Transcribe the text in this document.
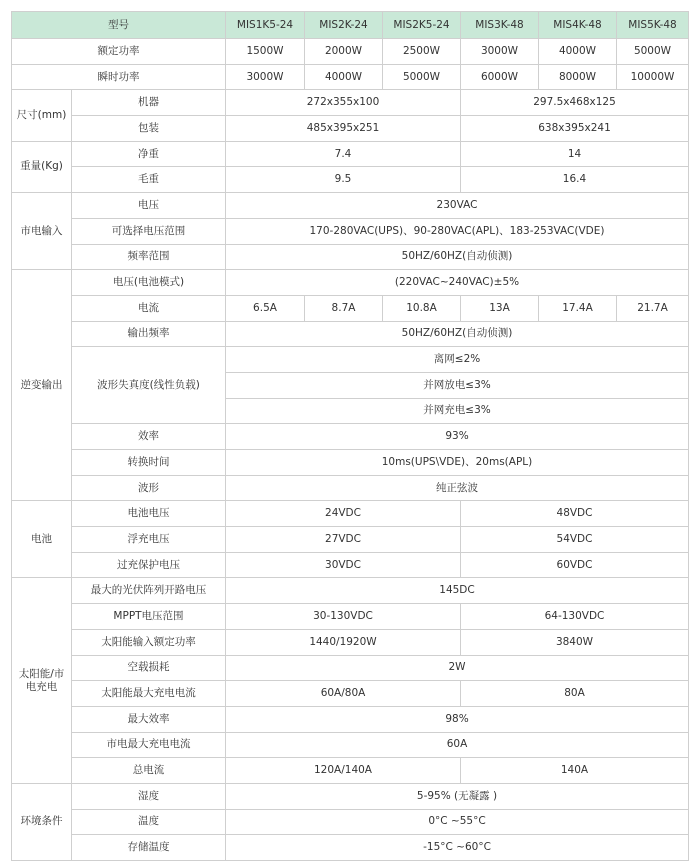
型号		MIS1K5-24	MIS2K-24	MIS2K5-24	MIS3K-48	MIS4K-48	MIS5K-48
额定功率		1500W	2000W	2500W	3000W	4000W	5000W
瞬时功率		3000W	4000W	5000W	6000W	8000W	10000W
尺寸(mm)	机器	272x355x100			297.5x468x125		
	包装	485x395x251			638x395x241		
重量(Kg)	净重	7.4			14		
	毛重	9.5			16.4		
市电输入	电压	230VAC					
	可选择电压范围	170-280VAC(UPS)、90-280VAC(APL)、183-253VAC(VDE)					
	频率范围	50HZ/60HZ(自动侦测)					
逆变输出	电压(电池模式)	(220VAC~240VAC)±5%					
	电流	6.5A	8.7A	10.8A	13A	17.4A	21.7A
	输出频率	50HZ/60HZ(自动侦测)					
	波形失真度(线性负载)	离网≤2%					
		并网放电≤3%					
		并网充电≤3%					
	效率	93%					
	转换时间	10ms(UPS\VDE)、20ms(APL)					
	波形	纯正弦波					
电池	电池电压	24VDC			48VDC		
	浮充电压	27VDC			54VDC		
	过充保护电压	30VDC			60VDC		
太阳能/市电充电	最大的光伏阵列开路电压	145DC					
	MPPT电压范围	30-130VDC			64-130VDC		
	太阳能输入额定功率	1440/1920W			3840W		
	空载损耗	2W					
	太阳能最大充电电流	60A/80A			80A		
	最大效率	98%					
	市电最大充电电流	60A					
	总电流	120A/140A			140A		
环境条件	湿度	5-95% (无凝露 )					
	温度	0°C ~55°C					
	存储温度	-15°C ~60°C					
